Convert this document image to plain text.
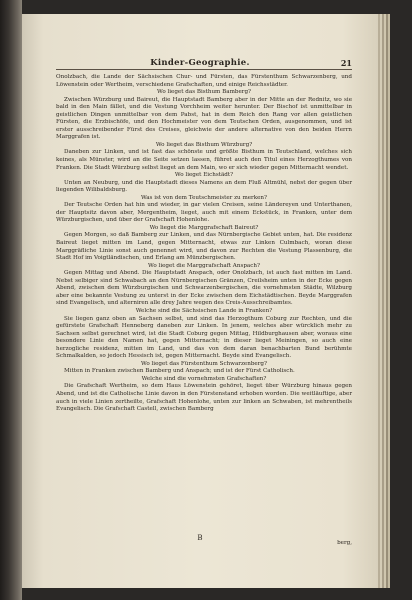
Kinder-Geographie.	21

Onolzbach, die Lande der Sächsischen Chur- und Fürsten, das Fürstenthum Schwarzenberg, und Löwenstein oder Wertheim, verschiedene Grafschaften, und einige Reichsstädter.

Wo lieget das Bisthum Bamberg?

Zwischen Würzburg und Baireut, die Hauptstadt Bamberg aber in der Mitte an der Rednitz, wo sie bald in den Main fället, und die Vestung Vorchheim weiter herunter. Der Bischof ist unmittelbar in geistlichen Dingen unmittelbar von dem Pabst, hat in dem Reich den Rang vor allen geistlichen Fürsten, die Erzbischöfe, und den Hochmeister von dem Teutschen Orden, ausgenommen, und ist erster ausschreibender Fürst des Creises, gleichwie der andere alternative von den beiden Herrn Marggrafen ist.

Wo lieget das Bisthum Würzburg?

Daneben zur Linken, und ist fast das schönste und größte Bisthum in Teutschland, welches sich keines, als Münster, wird an die Seite setzen lassen, führet auch den Titul eines Herzogthumes von Franken. Die Stadt Würzburg selbst lieget an dem Main, wo er sich wieder gegen Mitternacht wendet.

Wo lieget Eichstädt?

Unten an Neuburg, und die Hauptstadt dieses Namens an dem Fluß Altmühl, nebst der gegen über liegenden Wilibaldsburg.

Was ist von dem Teutschmeister zu merken?

Der Teutsche Orden hat hin und wieder, in gar vielen Creisen, seine Ländereyen und Unterthanen, der Hauptsitz davon aber, Mergentheim, lieget, auch mit einem Eckstück, in Franken, unter dem Würzburgischen, und über der Grafschaft Hohenlohe.

Wo lieget die Marggrafschaft Baireut?

Gegen Morgen, so daß Bamberg zur Linken, und das Nürnbergische Gebiet unten, hat. Die residenz Baireut lieget mitten im Land, gegen Mitternacht, etwas zur Linken Culmbach, woran diese Marggräfliche Linie sonst auch genennet wird, und davon zur Rechten die Vestung Plassenburg, die Stadt Hof im Voigtländischen, und Erlang am Münzbergischen.

Wo lieget die Marggrafschaft Anspach?

Gegen Mittag und Abend. Die Hauptstadt Anspach, oder Onolzbach, ist auch fast mitten im Land. Nebst selbiger sind Schwabach an den Nürnbergischen Gränzen, Creilsheim unten in der Ecke gegen Abend, zwischen dem Würzburgischen und Schwarzenbergischen, die vornehmsten Städte, Wilzburg aber eine bekannte Vestung zu unterst in der Ecke zwischen dem Eichstädtischen. Beyde Marggrafen sind Evangelisch, und alterniren alle drey Jahre wegen des Creis-Ausschreibamtes.

Welche sind die Sächsischen Lande in Franken?

Sie liegen ganz oben an Sachsen selbst, und sind das Herzogthum Coburg zur Rechten, und die gefürstete Grafschaft Henneberg daneben zur Linken. In jenem, welches aber würcklich mehr zu Sachsen selbst gerechnet wird, ist die Stadt Coburg gegen Mittag, Hildburghausen aber, woraus eine besondere Linie den Namen hat, gegen Mitternacht; in dieser lieget Meiningen, so auch eine herzogliche residenz, mitten im Land, und das von dem daran benachbarten Bund berühmte Schmalkalden, so jedoch Hessisch ist, gegen Mitternacht. Beyde sind Evangelisch.

Wo lieget das Fürstenthum Schwarzenberg?

Mitten in Franken zwischen Bamberg und Anspach; und ist der Fürst Catholisch.

Welche sind die vornehmsten Grafschaften?

Die Grafschaft Wertheim, so dem Haus Löwenstein gehöret, lieget über Würzburg hinaus gegen Abend, und ist die Catholische Linie davon in den Fürstenstand erhoben worden. Die weitläuftige, aber auch in viele Linien zertheilte, Grafschaft Hohenlohe, unten zur linken an Schwaben, ist mehrentheils Evangelisch. Die Grafschaft Castell, zwischen Bamberg

B
berg,
